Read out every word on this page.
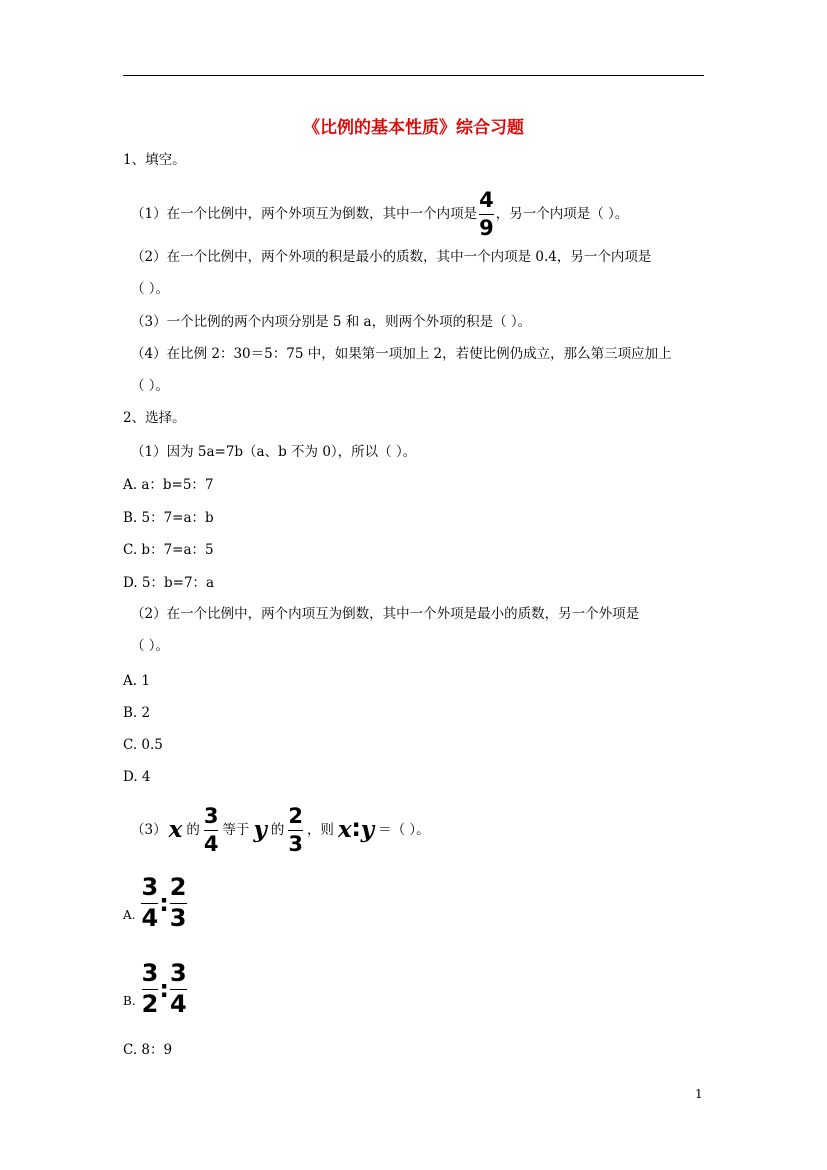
《比例的基本性质》综合习题
1、填空。
（1）在一个比例中，两个外项互为倒数，其中一个内项是 $\frac{4}{9}$ ，另一个内项是（ ）。
（2）在一个比例中，两个外项的积是最小的质数，其中一个内项是 0.4，另一个内项是
（ ）。
（3）一个比例的两个内项分别是 5 和 a，则两个外项的积是（ ）。
（4）在比例 2：30＝5：75 中，如果第一项加上 2，若使比例仍成立，那么第三项应加上
（ ）。
2、选择。
（1）因为 5a=7b（a、b 不为 0），所以（ ）。
A. a：b=5：7
B. 5：7=a：b
C. b：7=a：5
D. 5：b=7：a
（2）在一个比例中，两个内项互为倒数，其中一个外项是最小的质数，另一个外项是
（ ）。
A. 1
B. 2
C. 0.5
D. 4
（3） x 的 $\frac{3}{4}$ 等于 y 的 $\frac{2}{3}$ ，则 x ∶ y ＝（ ）。
A. $\frac{3}{4}$ : $\frac{2}{3}$
B. $\frac{3}{2}$ : $\frac{3}{4}$
C. 8：9
1
